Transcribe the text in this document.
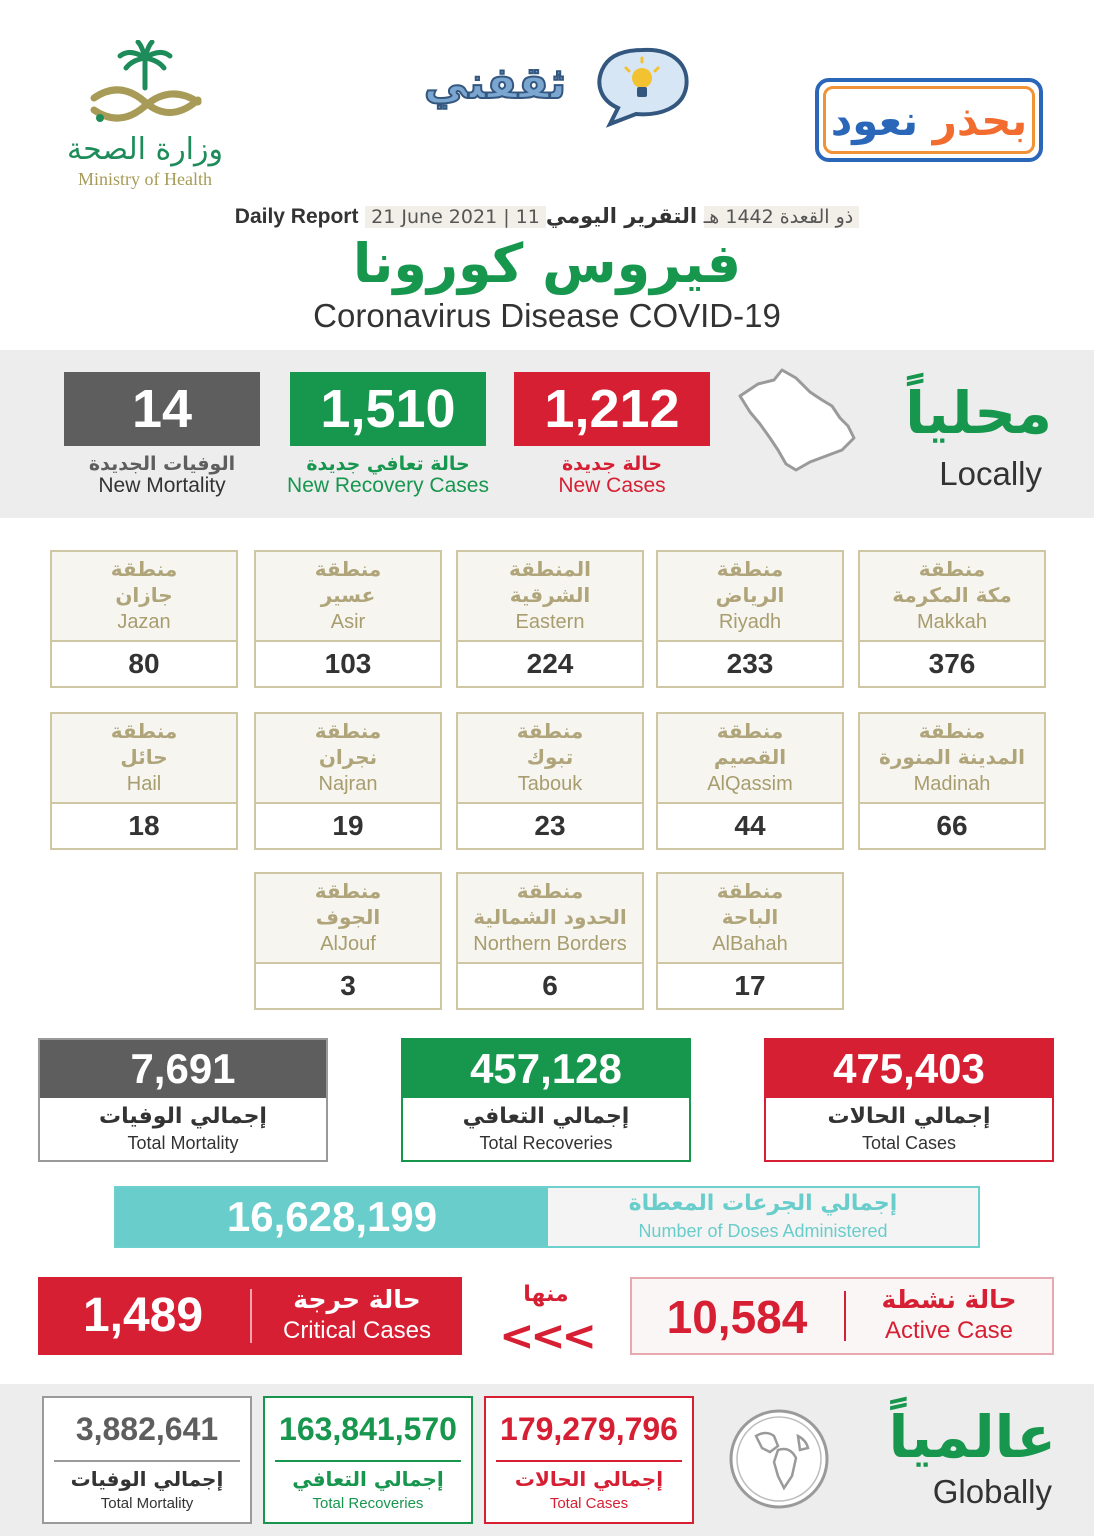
وزارة الصحة
Ministry of Health
ثقفني
بحذر نعود
Daily Report 21 June 2021 | 11 ذو القعدة 1442 هـ التقرير اليومي
فيروس كورونا
Coronavirus Disease COVID-19
14
الوفيات الجديدة
New Mortality
1,510
حالة تعافي جديدة
New Recovery Cases
1,212
حالة جديدة
New Cases
محلياً
Locally
منطقة
مكة المكرمة
Makkah
376
منطقة
الرياض
Riyadh
233
المنطقة
الشرقية
Eastern
224
منطقة
عسير
Asir
103
منطقة
جازان
Jazan
80
منطقة
المدينة المنورة
Madinah
66
منطقة
القصيم
AlQassim
44
منطقة
تبوك
Tabouk
23
منطقة
نجران
Najran
19
منطقة
حائل
Hail
18
منطقة
الباحة
AlBahah
17
منطقة
الحدود الشمالية
Northern Borders
6
منطقة
الجوف
AlJouf
3
7,691
إجمالي الوفيات
Total Mortality
457,128
إجمالي التعافي
Total Recoveries
475,403
إجمالي الحالات
Total Cases
16,628,199	إجمالي الجرعات المعطاة
Number of Doses Administered
1,489	حالة حرجة
Critical Cases
منها
<<<	10,584	حالة نشطة
Active Case
3,882,641
إجمالي الوفيات
Total Mortality
163,841,570
إجمالي التعافي
Total Recoveries
179,279,796
إجمالي الحالات
Total Cases
عالمياً
Globally
